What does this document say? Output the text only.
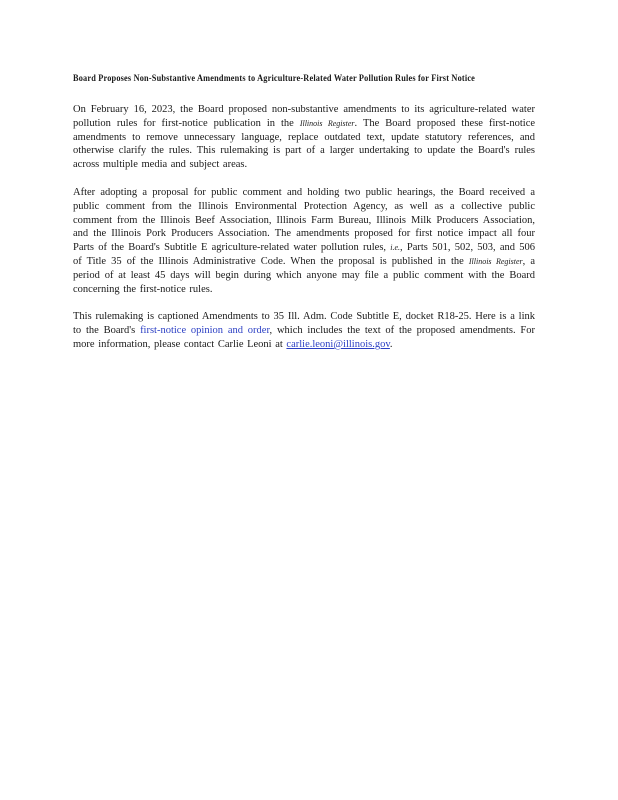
Board Proposes Non-Substantive Amendments to Agriculture-Related Water Pollution Rules for First Notice

On February 16, 2023, the Board proposed non-substantive amendments to its agriculture-related water pollution rules for first-notice publication in the Illinois Register. The Board proposed these first-notice amendments to remove unnecessary language, replace outdated text, update statutory references, and otherwise clarify the rules. This rulemaking is part of a larger undertaking to update the Board's rules across multiple media and subject areas.

After adopting a proposal for public comment and holding two public hearings, the Board received a public comment from the Illinois Environmental Protection Agency, as well as a collective public comment from the Illinois Beef Association, Illinois Farm Bureau, Illinois Milk Producers Association, and the Illinois Pork Producers Association. The amendments proposed for first notice impact all four Parts of the Board's Subtitle E agriculture-related water pollution rules, i.e., Parts 501, 502, 503, and 506 of Title 35 of the Illinois Administrative Code. When the proposal is published in the Illinois Register, a period of at least 45 days will begin during which anyone may file a public comment with the Board concerning the first-notice rules.

This rulemaking is captioned Amendments to 35 Ill. Adm. Code Subtitle E, docket R18-25. Here is a link to the Board's first-notice opinion and order, which includes the text of the proposed amendments. For more information, please contact Carlie Leoni at carlie.leoni@illinois.gov.
